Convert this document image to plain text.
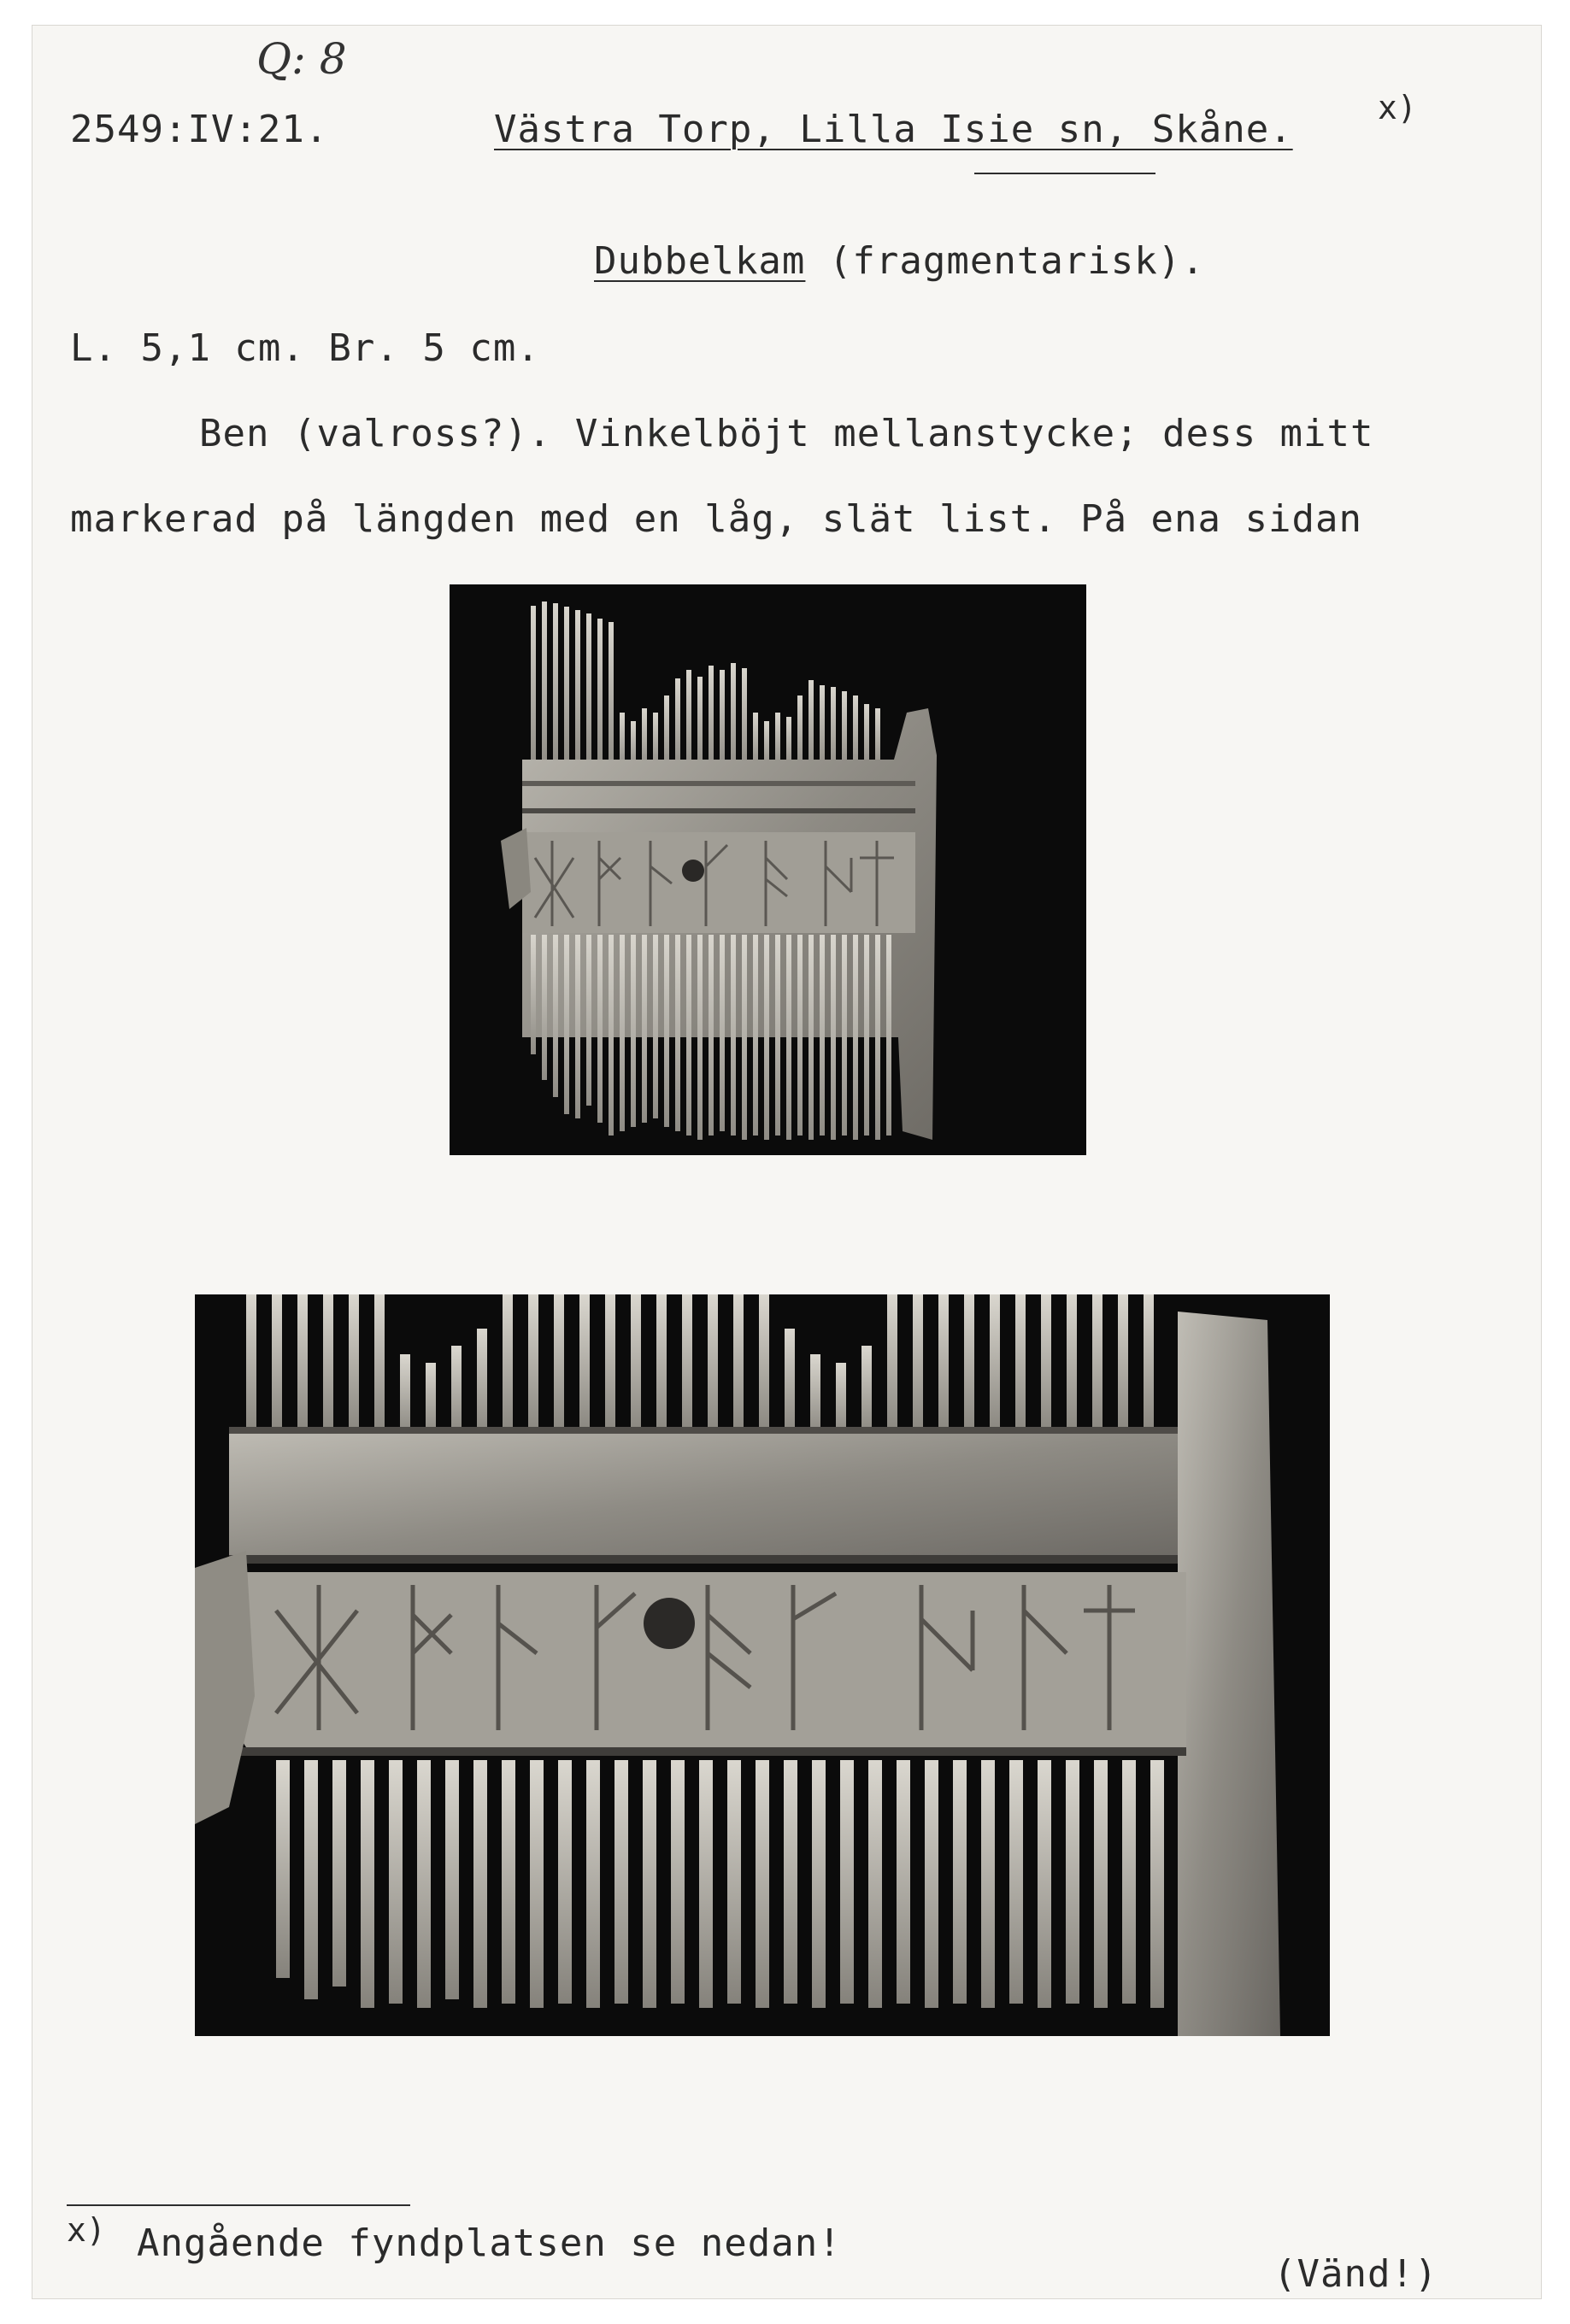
Q: 8
2549:IV:21.	Västra Torp, Lilla Isie sn, Skåne.	x)
Dubbelkam (fragmentarisk).
L. 5,1 cm. Br. 5 cm.
Ben (valross?). Vinkelböjt mellanstycke; dess mitt
markerad på längden med en låg, slät list. På ena sidan
x) Angående fyndplatsen se nedan!
(Vänd!)
